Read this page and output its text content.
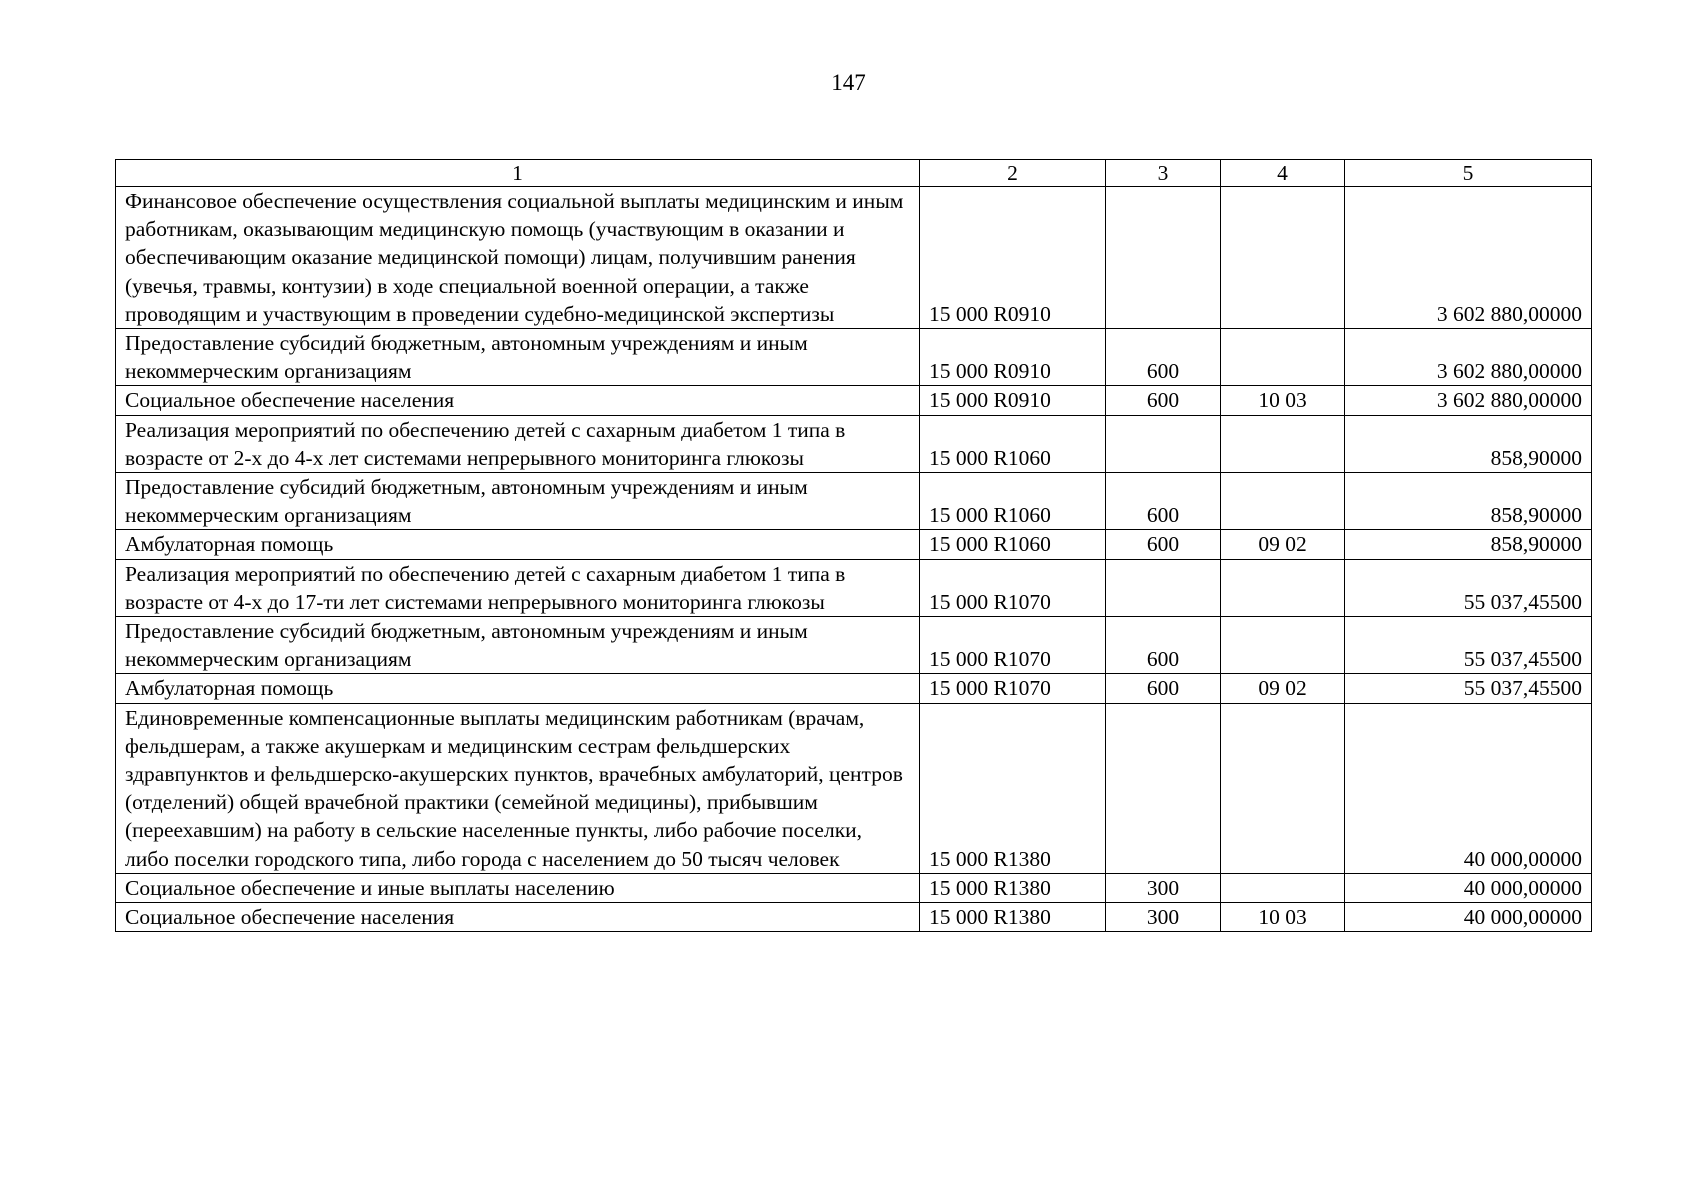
147
1	2	3	4	5
Финансовое обеспечение осуществления социальной выплаты медицинским и иным работникам, оказывающим медицинскую помощь (участвующим в оказании и обеспечивающим оказание медицинской помощи) лицам, получившим ранения (увечья, травмы, контузии) в ходе специальной военной операции, а также проводящим и участвующим в проведении судебно-медицинской экспертизы	15 000 R0910			3 602 880,00000
Предоставление субсидий бюджетным, автономным учреждениям и иным некоммерческим организациям	15 000 R0910	600		3 602 880,00000
Социальное обеспечение населения	15 000 R0910	600	10 03	3 602 880,00000
Реализация мероприятий по обеспечению детей с сахарным диабетом 1 типа в возрасте от 2-х до 4-х лет системами непрерывного мониторинга глюкозы	15 000 R1060			858,90000
Предоставление субсидий бюджетным, автономным учреждениям и иным некоммерческим организациям	15 000 R1060	600		858,90000
Амбулаторная помощь	15 000 R1060	600	09 02	858,90000
Реализация мероприятий по обеспечению детей с сахарным диабетом 1 типа в возрасте от 4-х до 17-ти лет системами непрерывного мониторинга глюкозы	15 000 R1070			55 037,45500
Предоставление субсидий бюджетным, автономным учреждениям и иным некоммерческим организациям	15 000 R1070	600		55 037,45500
Амбулаторная помощь	15 000 R1070	600	09 02	55 037,45500
Единовременные компенсационные выплаты медицинским работникам (врачам, фельдшерам, а также акушеркам и медицинским сестрам фельдшерских здравпунктов и фельдшерско-акушерских пунктов, врачебных амбулаторий, центров (отделений) общей врачебной практики (семейной медицины), прибывшим (переехавшим) на работу в сельские населенные пункты, либо рабочие поселки, либо поселки городского типа, либо города с населением до 50 тысяч человек	15 000 R1380			40 000,00000
Социальное обеспечение и иные выплаты населению	15 000 R1380	300		40 000,00000
Социальное обеспечение населения	15 000 R1380	300	10 03	40 000,00000
